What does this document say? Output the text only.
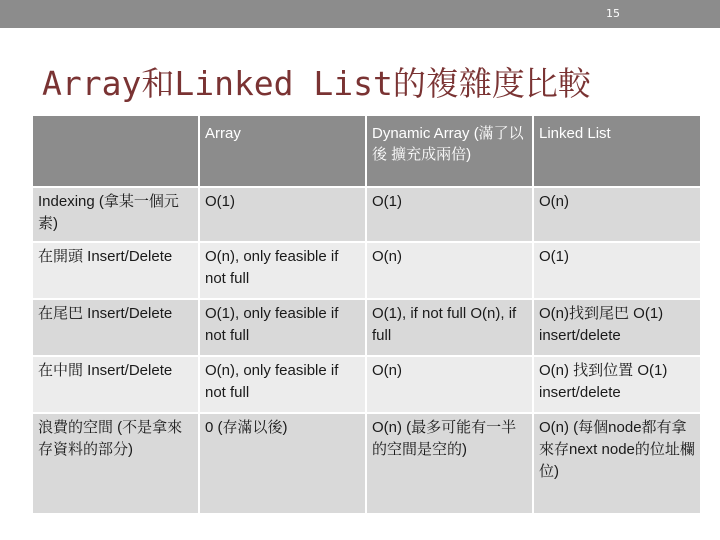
15
Array和Linked List的複雜度比較
	Array	Dynamic Array (滿了以後 擴充成兩倍)	Linked List
Indexing (拿某一個元素)	O(1)	O(1)	O(n)
在開頭 Insert/Delete	O(n), only feasible if not full	O(n)	O(1)
在尾巴 Insert/Delete	O(1), only feasible if not full	O(1), if not full O(n), if full	O(n)找到尾巴 O(1) insert/delete
在中間 Insert/Delete	O(n), only feasible if not full	O(n)	O(n) 找到位置 O(1) insert/delete
浪費的空間 (不是拿來存資料的部分)	0 (存滿以後)	O(n) (最多可能有一半的空間是空的)	O(n) (每個node都有拿來存next node的位址欄位)
